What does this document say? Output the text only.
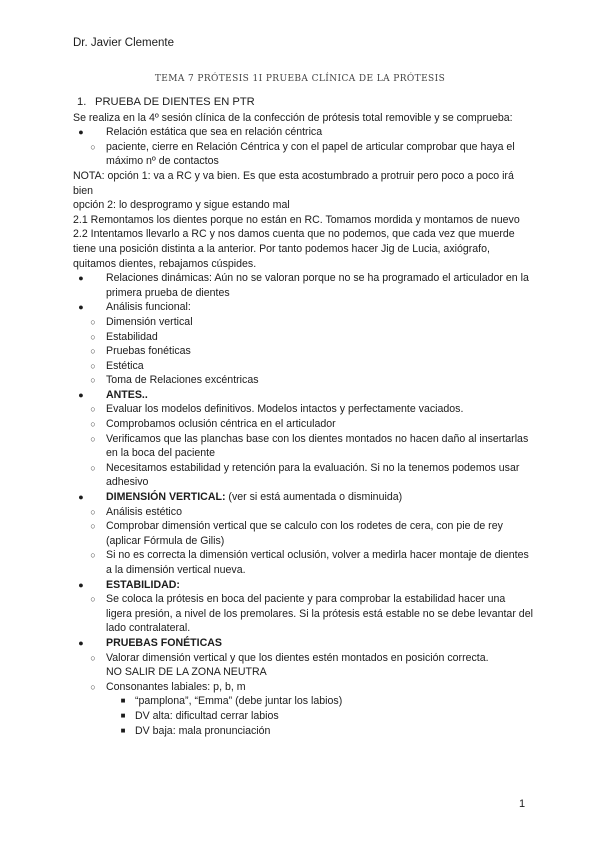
Dr. Javier Clemente
TEMA 7 PRÓTESIS 1I PRUEBA CLÍNICA DE LA PRÓTESIS
1. PRUEBA DE DIENTES EN PTR

Se realiza en la 4º sesión clínica de la confección de prótesis total removible y se comprueba:

● Relación estática que sea en relación céntrica
○ paciente, cierre en Relación Céntrica y con el papel de articular comprobar que haya el máximo nº de contactos

NOTA: opción 1: va a RC y va bien. Es que esta acostumbrado a protruir pero poco a poco irá bien

opción 2: lo desprogramo y sigue estando mal

2.1 Remontamos los dientes porque no están en RC. Tomamos mordida y montamos de nuevo

2.2 Intentamos llevarlo a RC y nos damos cuenta que no podemos, que cada vez que muerde tiene una posición distinta a la anterior. Por tanto podemos hacer Jig de Lucia, axiógrafo, quitamos dientes, rebajamos cúspides.

● Relaciones dinámicas: Aún no se valoran porque no se ha programado el articulador en la primera prueba de dientes
● Análisis funcional:
○ Dimensión vertical
○ Estabilidad
○ Pruebas fonéticas
○ Estética
○ Toma de Relaciones excéntricas
● ANTES..
○ Evaluar los modelos definitivos. Modelos intactos y perfectamente vaciados.
○ Comprobamos oclusión céntrica en el articulador
○ Verificamos que las planchas base con los dientes montados no hacen daño al insertarlas en la boca del paciente
○ Necesitamos estabilidad y retención para la evaluación. Si no la tenemos podemos usar adhesivo
● DIMENSIÓN VERTICAL: (ver si está aumentada o disminuida)
○ Análisis estético
○ Comprobar dimensión vertical que se calculo con los rodetes de cera, con pie de rey (aplicar Fórmula de Gilis)
○ Si no es correcta la dimensión vertical oclusión, volver a medirla hacer montaje de dientes a la dimensión vertical nueva.
● ESTABILIDAD:
○ Se coloca la prótesis en boca del paciente y para comprobar la estabilidad hacer una ligera presión, a nivel de los premolares. Si la prótesis está estable no se debe levantar del lado contralateral.
● PRUEBAS FONÉTICAS
○ Valorar dimensión vertical y que los dientes estén montados en posición correcta.
NO SALIR DE LA ZONA NEUTRA
○ Consonantes labiales: p, b, m
■ “pamplona”, “Emma” (debe juntar los labios)
■ DV alta: dificultad cerrar labios
■ DV baja: mala pronunciación
1
